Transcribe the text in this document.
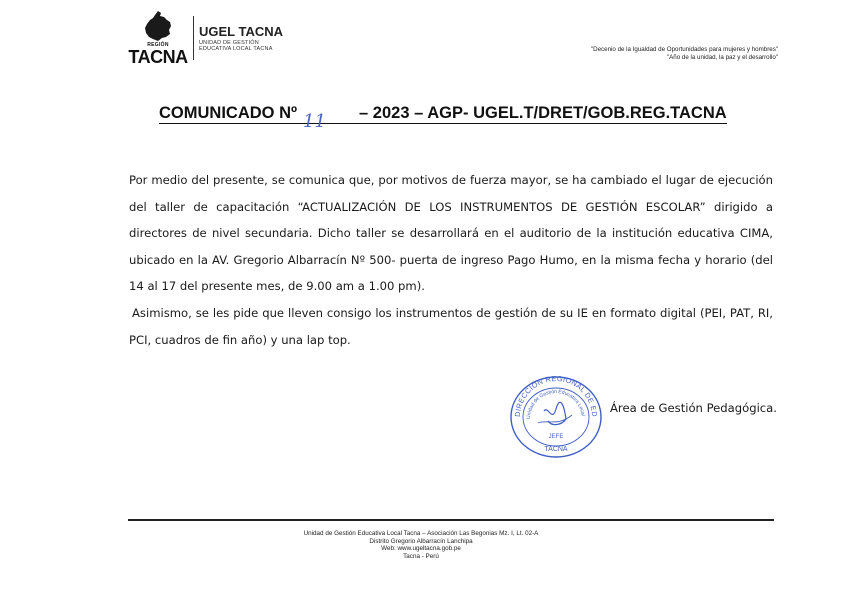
REGIÓN
TACNA
UGEL TACNA
UNIDAD DE GESTIÓN
EDUCATIVA LOCAL TACNA	"Decenio de la Igualdad de Oportunidades para mujeres y hombres"
"Año de la unidad, la paz y el desarrollo"
COMUNICADO Nº 11 – 2023 – AGP- UGEL.T/DRET/GOB.REG.TACNA

Por medio del presente, se comunica que, por motivos de fuerza mayor, se ha cambiado el lugar de ejecución del taller de capacitación “ACTUALIZACIÓN DE LOS INSTRUMENTOS DE GESTIÓN ESCOLAR” dirigido a directores de nivel secundaria. Dicho taller se desarrollará en el auditorio de la institución educativa CIMA, ubicado en la AV. Gregorio Albarracín Nº 500- puerta de ingreso Pago Humo, en la misma fecha y horario (del 14 al 17 del presente mes, de 9.00 am a 1.00 pm).

Asimismo, se les pide que lleven consigo los instrumentos de gestión de su IE en formato digital (PEI, PAT, RI, PCI, cuadros de fin año) y una lap top.

DIRECCIÓN REGIONAL DE ED
Unidad de Gestión Educativa Local
JEFE
TACNA
Área de Gestión Pedagógica.
Unidad de Gestión Educativa Local Tacna – Asociación Las Begonias Mz. I, Lt. 02-A
Distrito Gregorio Albarracín Lanchipa
Web: www.ugeltacna.gob.pe
Tacna - Perú
